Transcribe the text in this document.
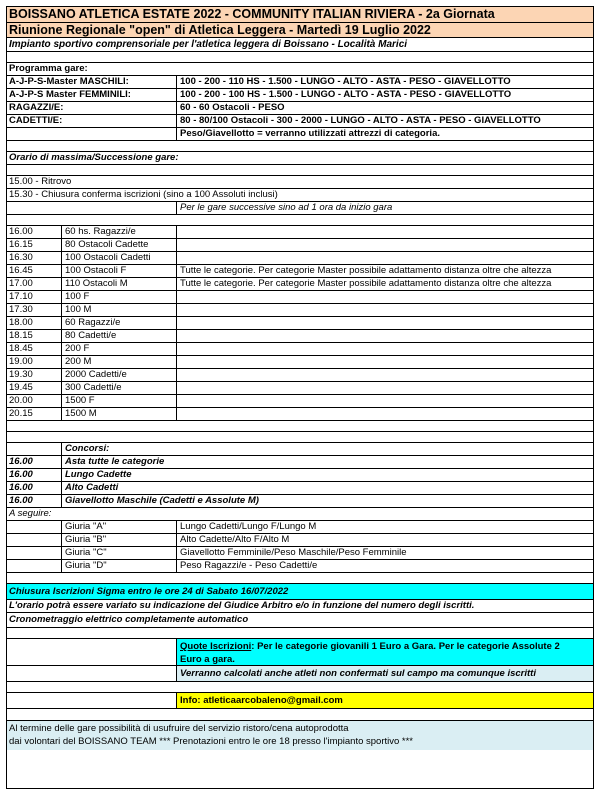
BOISSANO ATLETICA ESTATE 2022 - COMMUNITY ITALIAN RIVIERA - 2a Giornata
Riunione Regionale "open" di Atletica Leggera - Martedì 19 Luglio 2022
Impianto sportivo comprensoriale per l'atletica leggera di Boissano - Località Marici
Programma gare:
A-J-P-S-Master MASCHILI:	100 - 200 - 110 HS - 1.500 - LUNGO - ALTO - ASTA - PESO - GIAVELLOTTO
A-J-P-S Master FEMMINILI:	100 - 200 - 100 HS - 1.500 - LUNGO - ALTO - ASTA - PESO - GIAVELLOTTO
RAGAZZI/E:	60 - 60 Ostacoli - PESO
CADETTI/E:	80 - 80/100 Ostacoli - 300 - 2000 - LUNGO - ALTO - ASTA - PESO - GIAVELLOTTO
Peso/Giavellotto = verranno utilizzati attrezzi di categoria.
Orario di massima/Successione gare:
15.00 - Ritrovo
15.30 - Chiusura conferma iscrizioni (sino a 100 Assoluti inclusi)
Per le gare successive sino ad 1 ora da inizio gara
16.00	60 hs. Ragazzi/e
16.15	80 Ostacoli Cadette
16.30	100 Ostacoli Cadetti
16.45	100 Ostacoli F	Tutte le categorie. Per categorie Master possibile adattamento distanza oltre che altezza
17.00	110 Ostacoli M	Tutte le categorie. Per categorie Master possibile adattamento distanza oltre che altezza
17.10	100 F
17.30	100 M
18.00	60 Ragazzi/e
18.15	80 Cadetti/e
18.45	200 F
19.00	200 M
19.30	2000 Cadetti/e
19.45	300 Cadetti/e
20.00	1500 F
20.15	1500 M
Concorsi:
16.00	Asta tutte le categorie
16.00	Lungo Cadette
16.00	Alto Cadetti
16.00	Giavellotto Maschile (Cadetti e Assolute M)
A seguire:
Giuria "A"	Lungo Cadetti/Lungo F/Lungo M
Giuria "B"	Alto Cadette/Alto F/Alto M
Giuria "C"	Giavellotto Femminile/Peso Maschile/Peso Femminile
Giuria "D"	Peso Ragazzi/e - Peso Cadetti/e
Chiusura Iscrizioni Sigma entro le ore 24 di Sabato 16/07/2022
L'orario potrà essere variato su indicazione del Giudice Arbitro e/o in funzione del numero degli iscritti.
Cronometraggio elettrico completamente automatico
Quote Iscrizioni: Per le categorie giovanili 1 Euro a Gara. Per le categorie Assolute 2
Euro a gara.
Verranno calcolati anche atleti non confermati sul campo ma comunque iscritti
Info: atleticaarcobaleno@gmail.com
Al termine delle gare possibilità di usufruire del servizio ristoro/cena autoprodotta
dai volontari del BOISSANO TEAM *** Prenotazioni entro le ore 18 presso l'impianto sportivo ***
